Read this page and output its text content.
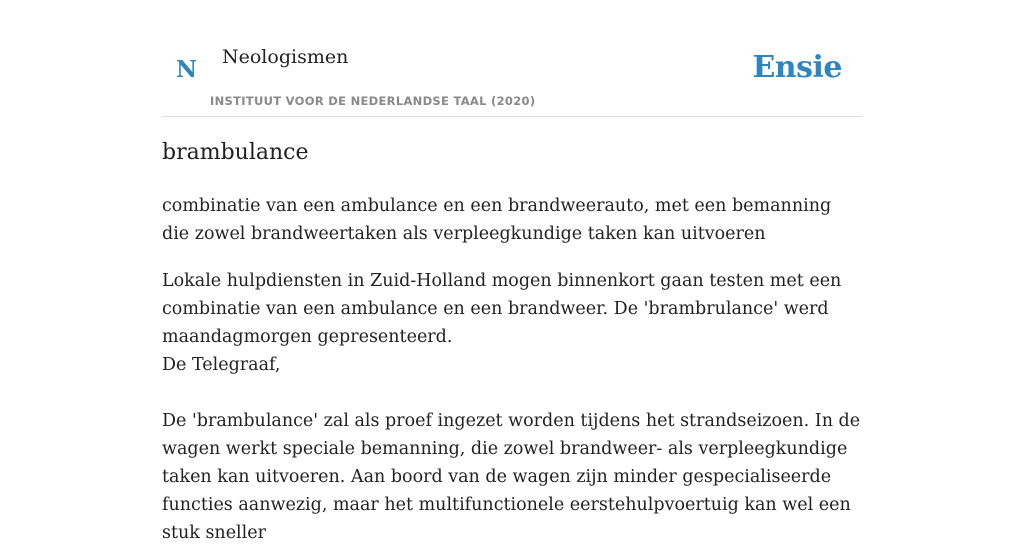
N Neologismen
INSTITUUT VOOR DE NEDERLANDSE TAAL (2020)
Ensie
brambulance

combinatie van een ambulance en een brandweerauto, met een bemanning die zowel brandweertaken als verpleegkundige taken kan uitvoeren

Lokale hulpdiensten in Zuid-Holland mogen binnenkort gaan testen met een combinatie van een ambulance en een brandweer. De 'brambrulance' werd maandagmorgen gepresenteerd.
De Telegraaf,

De 'brambulance' zal als proef ingezet worden tijdens het strandseizoen. In de wagen werkt speciale bemanning, die zowel brandweer- als verpleegkundige taken kan uitvoeren. Aan boord van de wagen zijn minder gespecialiseerde functies aanwezig, maar het multifunctionele eerstehulpvoertuig kan wel een stuk sneller
